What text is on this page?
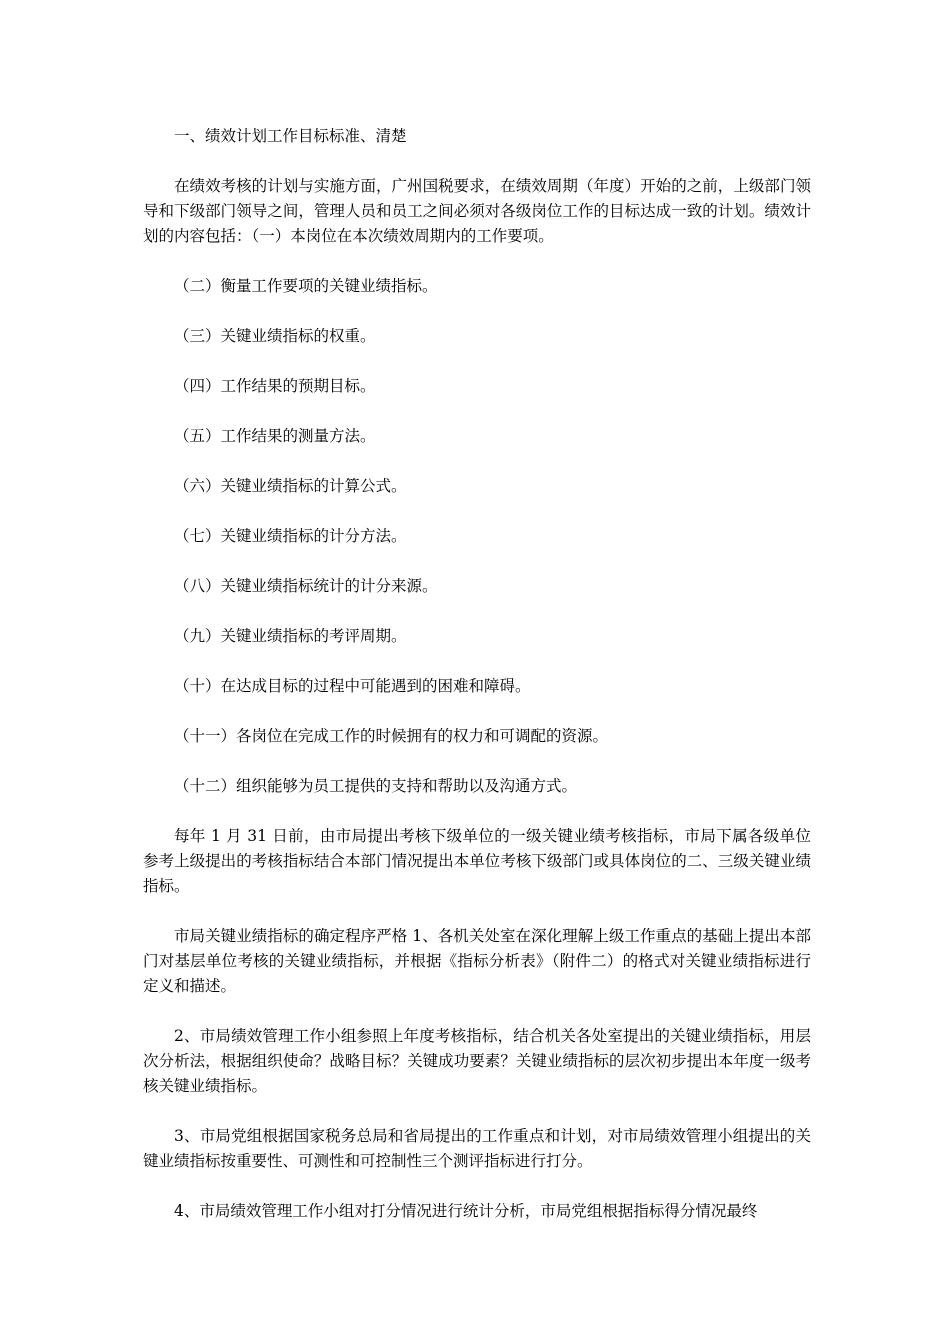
一、绩效计划工作目标标准、清楚

在绩效考核的计划与实施方面，广州国税要求，在绩效周期（年度）开始的之前，上级部门领导和下级部门领导之间，管理人员和员工之间必须对各级岗位工作的目标达成一致的计划。绩效计划的内容包括：（一）本岗位在本次绩效周期内的工作要项。

（二）衡量工作要项的关键业绩指标。

（三）关键业绩指标的权重。

（四）工作结果的预期目标。

（五）工作结果的测量方法。

（六）关键业绩指标的计算公式。

（七）关键业绩指标的计分方法。

（八）关键业绩指标统计的计分来源。

（九）关键业绩指标的考评周期。

（十）在达成目标的过程中可能遇到的困难和障碍。

（十一）各岗位在完成工作的时候拥有的权力和可调配的资源。

（十二）组织能够为员工提供的支持和帮助以及沟通方式。

每年 1 月 31 日前，由市局提出考核下级单位的一级关键业绩考核指标，市局下属各级单位参考上级提出的考核指标结合本部门情况提出本单位考核下级部门或具体岗位的二、三级关键业绩指标。

市局关键业绩指标的确定程序严格 1、各机关处室在深化理解上级工作重点的基础上提出本部门对基层单位考核的关键业绩指标，并根据《指标分析表》（附件二）的格式对关键业绩指标进行定义和描述。

2、市局绩效管理工作小组参照上年度考核指标，结合机关各处室提出的关键业绩指标，用层次分析法，根据组织使命？战略目标？关键成功要素？关键业绩指标的层次初步提出本年度一级考核关键业绩指标。

3、市局党组根据国家税务总局和省局提出的工作重点和计划，对市局绩效管理小组提出的关键业绩指标按重要性、可测性和可控制性三个测评指标进行打分。

4、市局绩效管理工作小组对打分情况进行统计分析，市局党组根据指标得分情况最终
